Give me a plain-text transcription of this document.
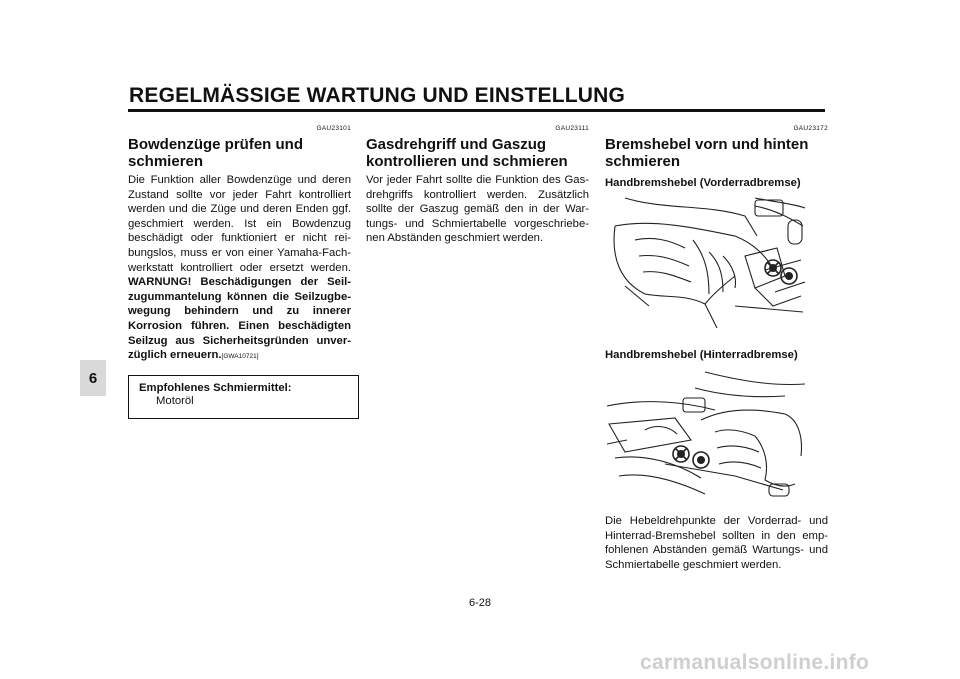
REGELMÄSSIGE WARTUNG UND EINSTELLUNG
6
GAU23101
Bowdenzüge prüfen und schmieren

Die Funktion aller Bowdenzüge und deren Zustand sollte vor jeder Fahrt kontrolliert werden und die Züge und deren Enden ggf. geschmiert werden. Ist ein Bowdenzug beschädigt oder funktioniert er nicht rei-bungslos, muss er von einer Yamaha-Fach-werkstatt kontrolliert oder ersetzt werden. WARNUNG! Beschädigungen der Seil-zugummantelung können die Seilzugbe-wegung behindern und zu innerer Korrosion führen. Einen beschädigten Seilzug aus Sicherheitsgründen unver-züglich erneuern.[GWA10721]

Empfohlenes Schmiermittel:
Motoröl
GAU23111
Gasdrehgriff und Gaszug kontrollieren und schmieren

Vor jeder Fahrt sollte die Funktion des Gas-drehgriffs kontrolliert werden. Zusätzlich sollte der Gaszug gemäß den in der War-tungs- und Schmiertabelle vorgeschriebe-nen Abständen geschmiert werden.

GAU23172
Bremshebel vorn und hinten schmieren
Handbremshebel (Vorderradbremse)
Handbremshebel (Hinterradbremse)

Die Hebeldrehpunkte der Vorderrad- und Hinterrad-Bremshebel sollten in den emp-fohlenen Abständen gemäß Wartungs- und Schmiertabelle geschmiert werden.

6-28
carmanualsonline.info
